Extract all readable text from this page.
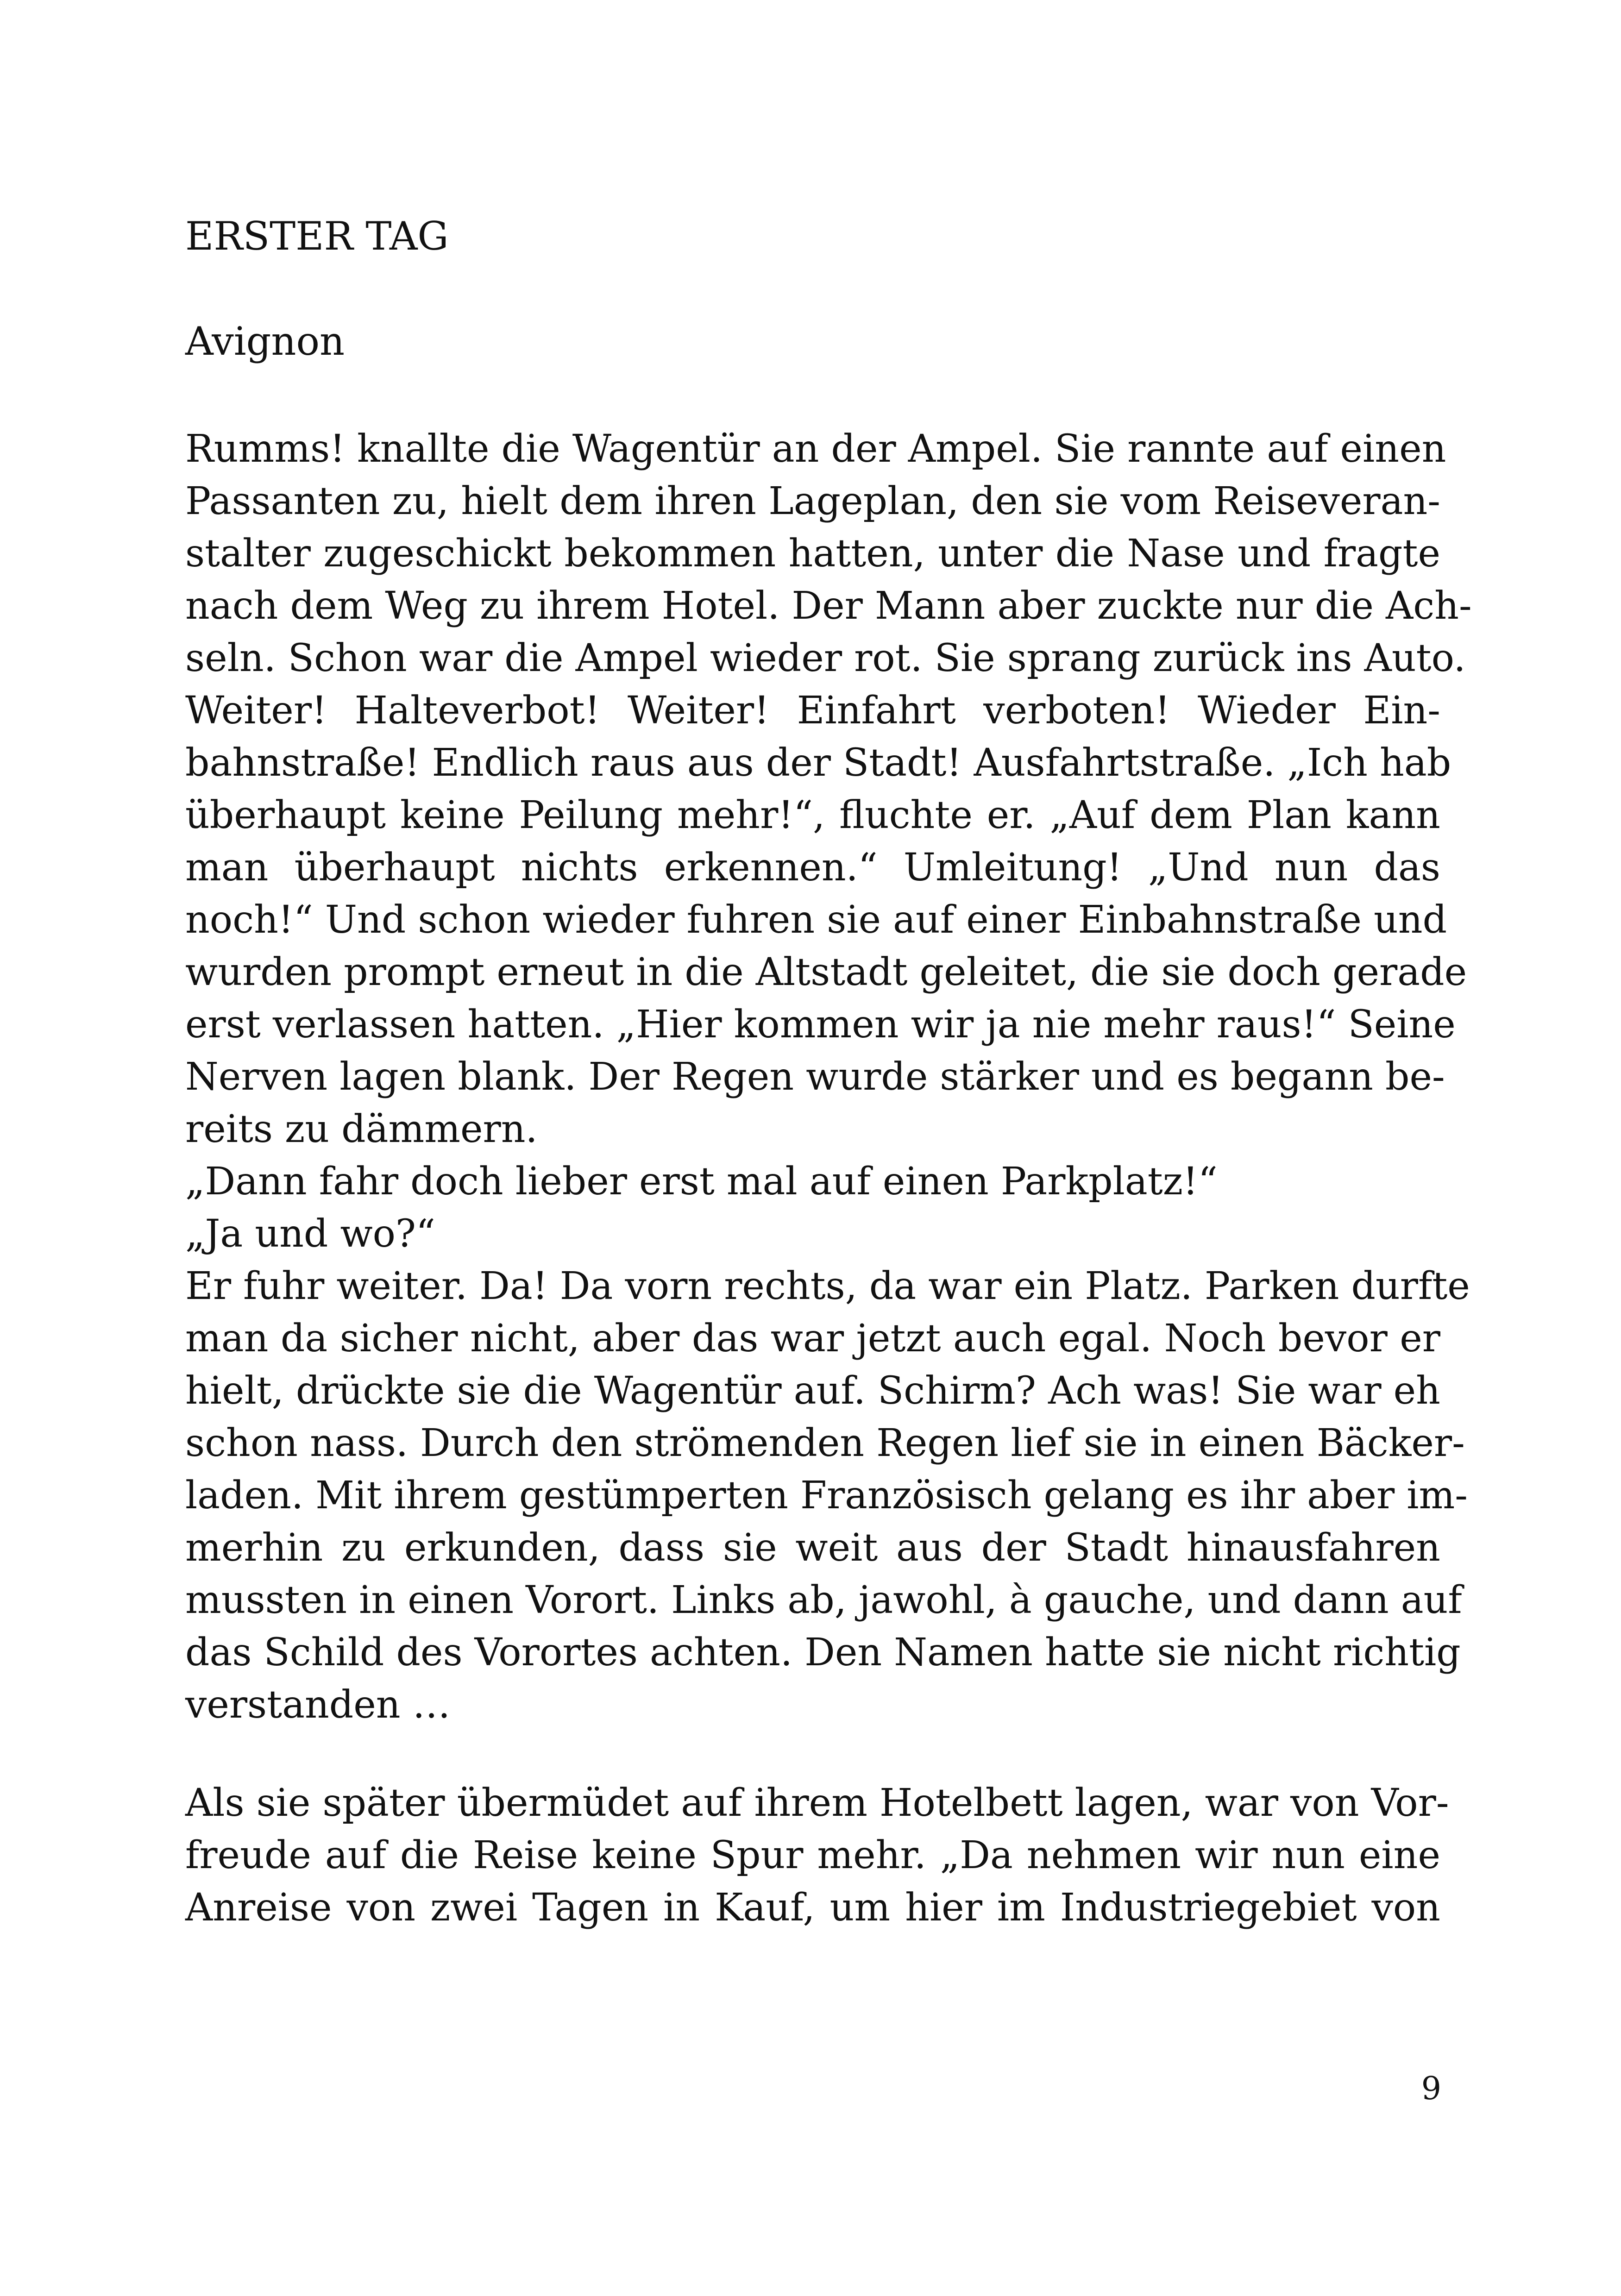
ERSTER TAG
Avignon
Rumms! knallte die Wagentür an der Ampel. Sie rannte auf einen
Passanten zu, hielt dem ihren Lageplan, den sie vom Reiseveran-
stalter zugeschickt bekommen hatten, unter die Nase und fragte
nach dem Weg zu ihrem Hotel. Der Mann aber zuckte nur die Ach-
seln. Schon war die Ampel wieder rot. Sie sprang zurück ins Auto.
Weiter! Halteverbot! Weiter! Einfahrt verboten! Wieder Ein-
bahnstraße! Endlich raus aus der Stadt! Ausfahrtstraße. „Ich hab
überhaupt keine Peilung mehr!“, fluchte er. „Auf dem Plan kann
man überhaupt nichts erkennen.“ Umleitung! „Und nun das
noch!“ Und schon wieder fuhren sie auf einer Einbahnstraße und
wurden prompt erneut in die Altstadt geleitet, die sie doch gerade
erst verlassen hatten. „Hier kommen wir ja nie mehr raus!“ Seine
Nerven lagen blank. Der Regen wurde stärker und es begann be-
reits zu dämmern.
„Dann fahr doch lieber erst mal auf einen Parkplatz!“
„Ja und wo?“
Er fuhr weiter. Da! Da vorn rechts, da war ein Platz. Parken durfte
man da sicher nicht, aber das war jetzt auch egal. Noch bevor er
hielt, drückte sie die Wagentür auf. Schirm? Ach was! Sie war eh
schon nass. Durch den strömenden Regen lief sie in einen Bäcker-
laden. Mit ihrem gestümperten Französisch gelang es ihr aber im-
merhin zu erkunden, dass sie weit aus der Stadt hinausfahren
mussten in einen Vorort. Links ab, jawohl, à gauche, und dann auf
das Schild des Vorortes achten. Den Namen hatte sie nicht richtig
verstanden …
Als sie später übermüdet auf ihrem Hotelbett lagen, war von Vor-
freude auf die Reise keine Spur mehr. „Da nehmen wir nun eine
Anreise von zwei Tagen in Kauf, um hier im Industriegebiet von
9
